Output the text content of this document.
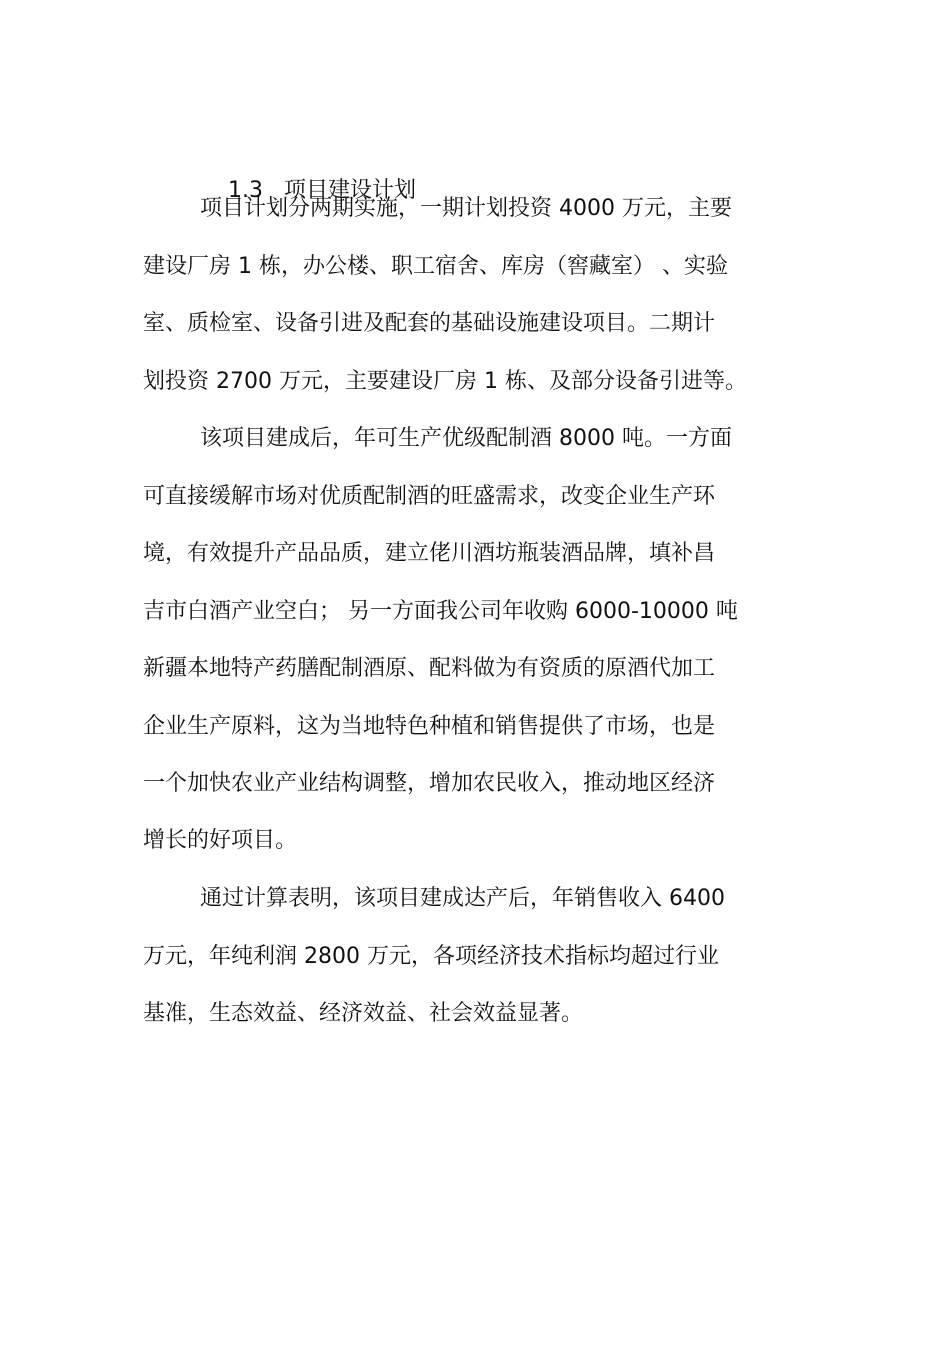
1.3 项目建设计划

项目计划分两期实施，一期计划投资 4000 万元，主要
建设厂房 1 栋，办公楼、职工宿舍、库房（窖藏室） 、实验
室、质检室、设备引进及配套的基础设施建设项目。二期计
划投资 2700 万元，主要建设厂房 1 栋、及部分设备引进等。
该项目建成后，年可生产优级配制酒 8000 吨。一方面
可直接缓解市场对优质配制酒的旺盛需求，改变企业生产环
境，有效提升产品品质，建立佬川酒坊瓶装酒品牌，填补昌
吉市白酒产业空白； 另一方面我公司年收购 6000-10000 吨
新疆本地特产药膳配制酒原、配料做为有资质的原酒代加工
企业生产原料，这为当地特色种植和销售提供了市场，也是
一个加快农业产业结构调整，增加农民收入，推动地区经济
增长的好项目。
通过计算表明，该项目建成达产后，年销售收入 6400
万元，年纯利润 2800 万元，各项经济技术指标均超过行业
基准，生态效益、经济效益、社会效益显著。
